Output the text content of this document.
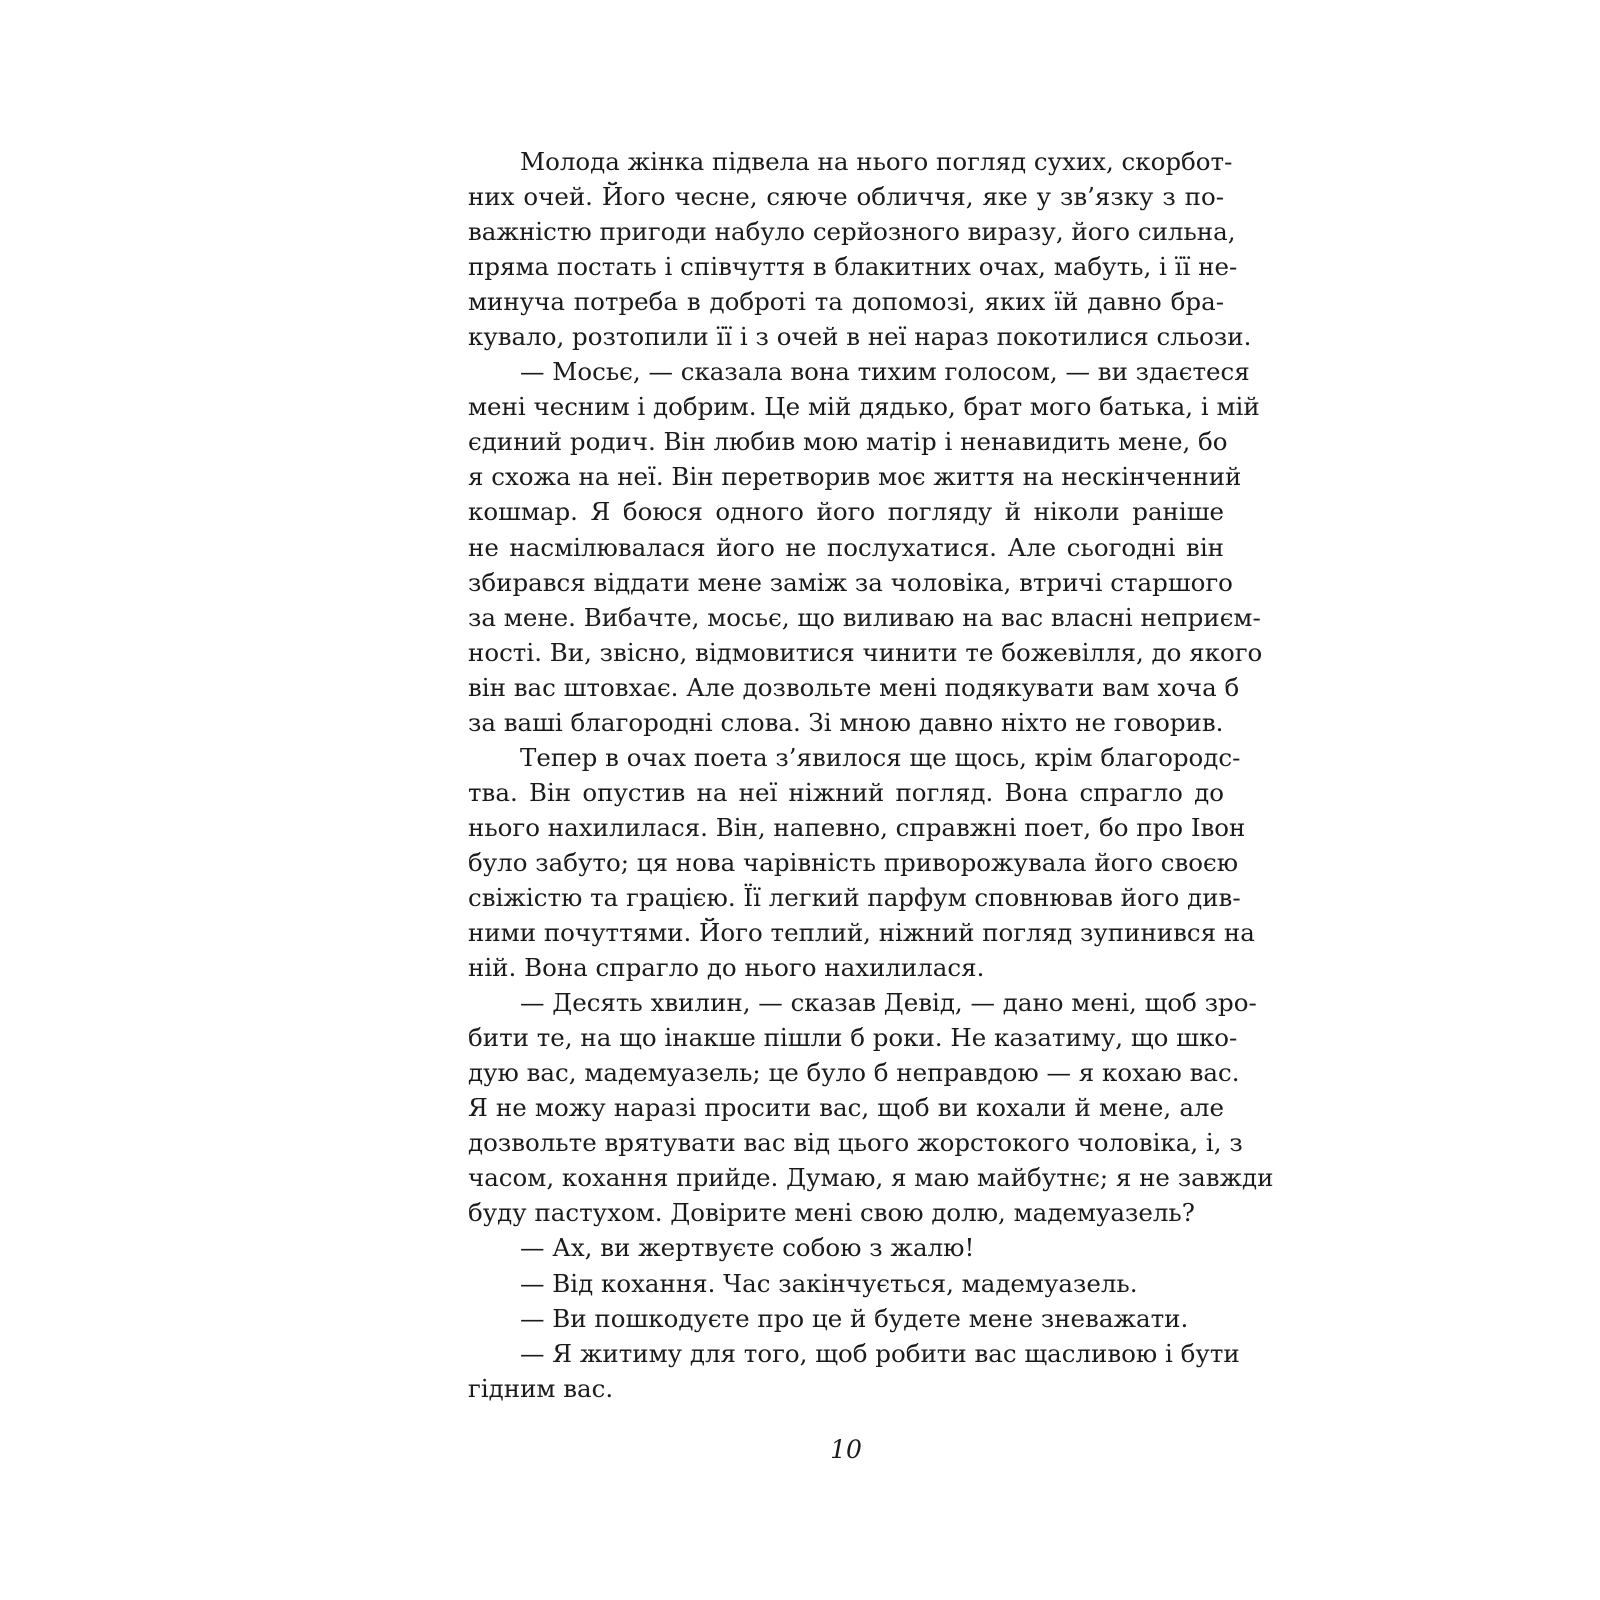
Молода жінка підвела на нього погляд сухих, скорбот-
них очей. Його чесне, сяюче обличчя, яке у зв’язку з по-
важністю пригоди набуло серйозного виразу, його сильна,
пряма постать і співчуття в блакитних очах, мабуть, і її не-
минуча потреба в доброті та допомозі, яких їй давно бра-
кувало, розтопили її і з очей в неї нараз покотилися сльози.
— Мосьє, — сказала вона тихим голосом, — ви здаєтеся
мені чесним і добрим. Це мій дядько, брат мого батька, і мій
єдиний родич. Він любив мою матір і ненавидить мене, бо
я схожа на неї. Він перетворив моє життя на нескінченний
кошмар. Я боюся одного його погляду й ніколи раніше
не насмілювалася його не послухатися. Але сьогодні він
збирався віддати мене заміж за чоловіка, втричі старшого
за мене. Вибачте, мосьє, що виливаю на вас власні неприєм-
ності. Ви, звісно, відмовитися чинити те божевілля, до якого
він вас штовхає. Але дозвольте мені подякувати вам хоча б
за ваші благородні слова. Зі мною давно ніхто не говорив.
Тепер в очах поета з’явилося ще щось, крім благородс-
тва. Він опустив на неї ніжний погляд. Вона спрагло до
нього нахилилася. Він, напевно, справжні поет, бо про Івон
було забуто; ця нова чарівність приворожувала його своєю
свіжістю та грацією. Її легкий парфум сповнював його див-
ними почуттями. Його теплий, ніжний погляд зупинився на
ній. Вона спрагло до нього нахилилася.
— Десять хвилин, — сказав Девід, — дано мені, щоб зро-
бити те, на що інакше пішли б роки. Не казатиму, що шко-
дую вас, мадемуазель; це було б неправдою — я кохаю вас.
Я не можу наразі просити вас, щоб ви кохали й мене, але
дозвольте врятувати вас від цього жорстокого чоловіка, і, з
часом, кохання прийде. Думаю, я маю майбутнє; я не завжди
буду пастухом. Довірите мені свою долю, мадемуазель?
— Ах, ви жертвуєте собою з жалю!
— Від кохання. Час закінчується, мадемуазель.
— Ви пошкодуєте про це й будете мене зневажати.
— Я житиму для того, щоб робити вас щасливою і бути
гідним вас.
10
